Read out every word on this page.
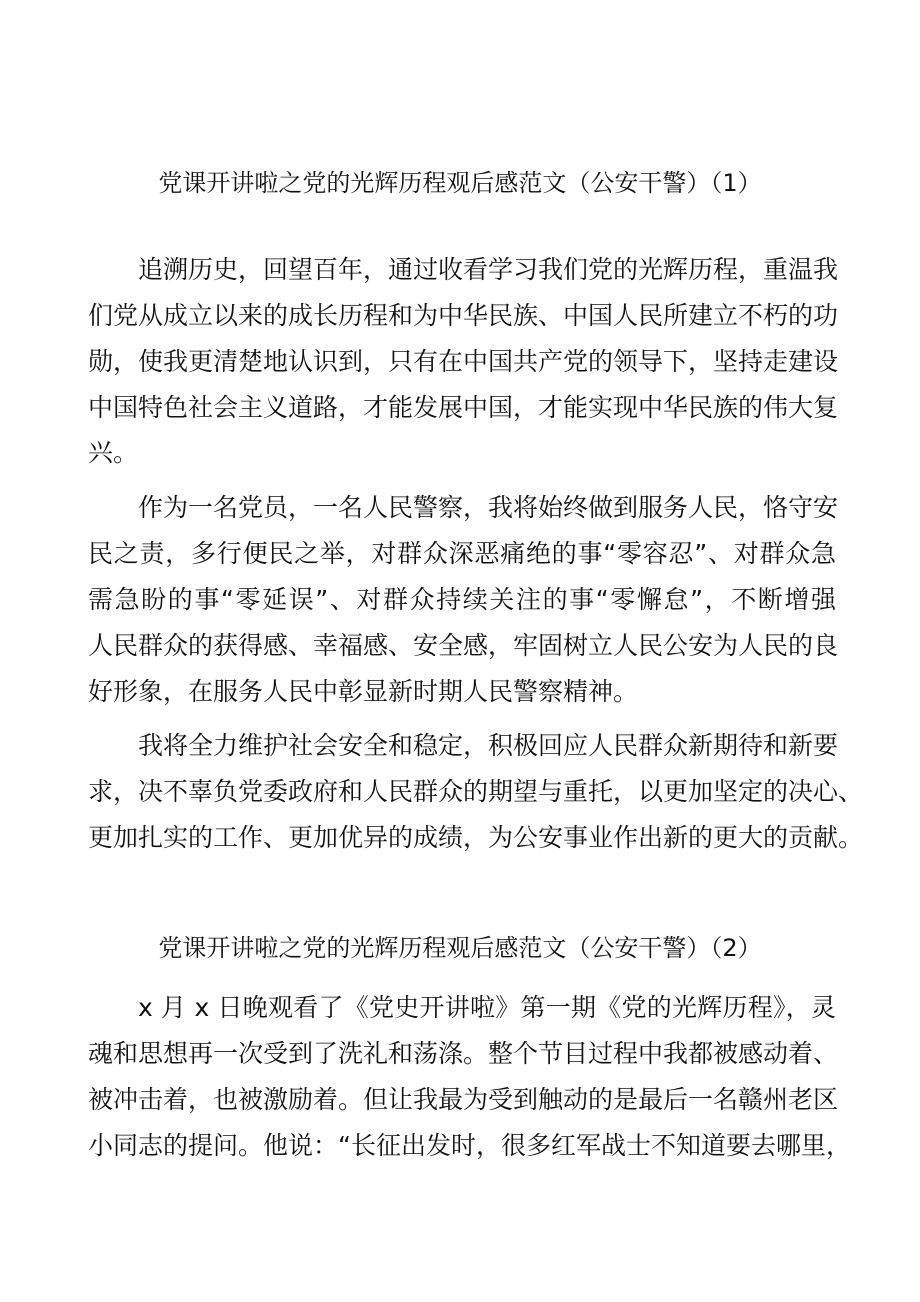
党课开讲啦之党的光辉历程观后感范文（公安干警）（1）
追溯历史，回望百年，通过收看学习我们党的光辉历程，重温我
们党从成立以来的成长历程和为中华民族、中国人民所建立不朽的功
勋，使我更清楚地认识到，只有在中国共产党的领导下，坚持走建设
中国特色社会主义道路，才能发展中国，才能实现中华民族的伟大复
兴。
作为一名党员，一名人民警察，我将始终做到服务人民，恪守安
民之责，多行便民之举，对群众深恶痛绝的事“零容忍”、对群众急
需急盼的事“零延误”、对群众持续关注的事“零懈怠”，不断增强
人民群众的获得感、幸福感、安全感，牢固树立人民公安为人民的良
好形象，在服务人民中彰显新时期人民警察精神。
我将全力维护社会安全和稳定，积极回应人民群众新期待和新要
求，决不辜负党委政府和人民群众的期望与重托，以更加坚定的决心、
更加扎实的工作、更加优异的成绩，为公安事业作出新的更大的贡献。
党课开讲啦之党的光辉历程观后感范文（公安干警）（2）
x 月 x 日晚观看了《党史开讲啦》第一期《党的光辉历程》，灵
魂和思想再一次受到了洗礼和荡涤。整个节目过程中我都被感动着、
被冲击着，也被激励着。但让我最为受到触动的是最后一名赣州老区
小同志的提问。他说：“长征出发时，很多红军战士不知道要去哪里，
